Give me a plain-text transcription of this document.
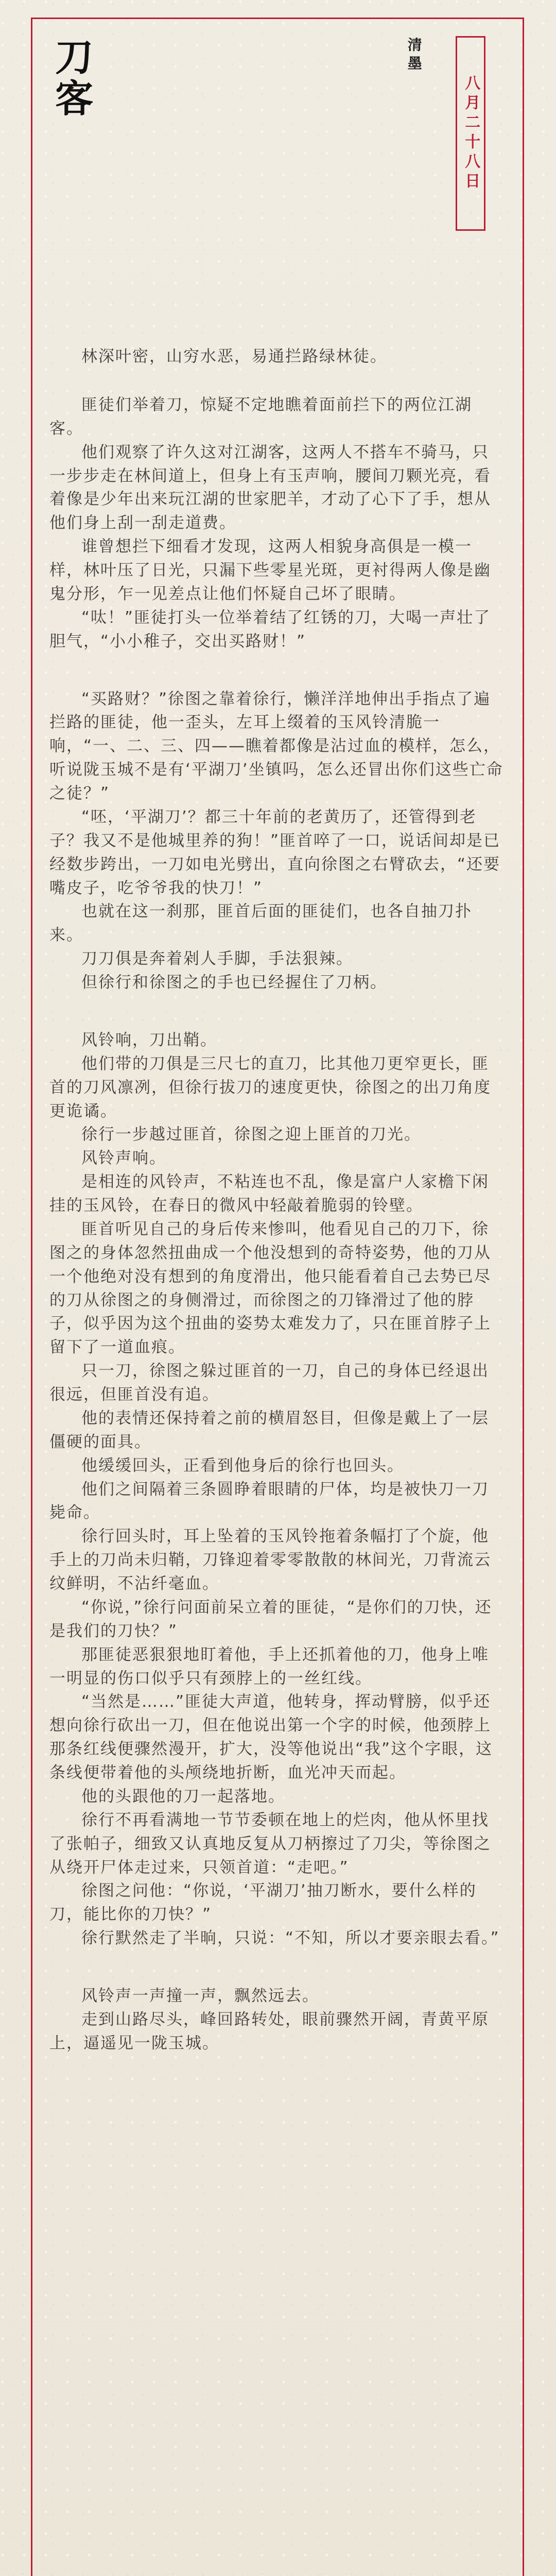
刀客	清墨
八月二十八日

林深叶密，山穷水恶，易通拦路绿林徒。

匪徒们举着刀，惊疑不定地瞧着面前拦下的两位江湖客。

他们观察了许久这对江湖客，这两人不搭车不骑马，只一步步走在林间道上，但身上有玉声响，腰间刀颗光亮，看着像是少年出来玩江湖的世家肥羊，才动了心下了手，想从他们身上刮一刮走道费。

谁曾想拦下细看才发现，这两人相貌身高俱是一模一样，林叶压了日光，只漏下些零星光斑，更衬得两人像是幽鬼分形，乍一见差点让他们怀疑自己坏了眼睛。

“呔！”匪徒打头一位举着结了红锈的刀，大喝一声壮了胆气，“小小稚子，交出买路财！”

“买路财？”徐图之靠着徐行，懒洋洋地伸出手指点了遍拦路的匪徒，他一歪头，左耳上缀着的玉风铃清脆一响，“一、二、三、四——瞧着都像是沾过血的模样，怎么，听说陇玉城不是有‘平湖刀’坐镇吗，怎么还冒出你们这些亡命之徒？”

“呸，‘平湖刀’？都三十年前的老黄历了，还管得到老子？我又不是他城里养的狗！”匪首啐了一口，说话间却是已经数步跨出，一刀如电光劈出，直向徐图之右臂砍去，“还要嘴皮子，吃爷爷我的快刀！”

也就在这一刹那，匪首后面的匪徒们，也各自抽刀扑来。

刀刀俱是奔着剁人手脚，手法狠辣。

但徐行和徐图之的手也已经握住了刀柄。

风铃响，刀出鞘。

他们带的刀俱是三尺七的直刀，比其他刀更窄更长，匪首的刀风凛冽，但徐行拔刀的速度更快，徐图之的出刀角度更诡谲。

徐行一步越过匪首，徐图之迎上匪首的刀光。

风铃声响。

是相连的风铃声，不粘连也不乱，像是富户人家檐下闲挂的玉风铃，在春日的微风中轻敲着脆弱的铃壁。

匪首听见自己的身后传来惨叫，他看见自己的刀下，徐图之的身体忽然扭曲成一个他没想到的奇特姿势，他的刀从一个他绝对没有想到的角度滑出，他只能看着自己去势已尽的刀从徐图之的身侧滑过，而徐图之的刀锋滑过了他的脖子，似乎因为这个扭曲的姿势太难发力了，只在匪首脖子上留下了一道血痕。

只一刀，徐图之躲过匪首的一刀，自己的身体已经退出很远，但匪首没有追。

他的表情还保持着之前的横眉怒目，但像是戴上了一层僵硬的面具。

他缓缓回头，正看到他身后的徐行也回头。

他们之间隔着三条圆睁着眼睛的尸体，均是被快刀一刀毙命。

徐行回头时，耳上坠着的玉风铃拖着条幅打了个旋，他手上的刀尚未归鞘，刀锋迎着零零散散的林间光，刀背流云纹鲜明，不沾纤毫血。

“你说，”徐行问面前呆立着的匪徒，“是你们的刀快，还是我们的刀快？”

那匪徒恶狠狠地盯着他，手上还抓着他的刀，他身上唯一明显的伤口似乎只有颈脖上的一丝红线。

“当然是……”匪徒大声道，他转身，挥动臂膀，似乎还想向徐行砍出一刀，但在他说出第一个字的时候，他颈脖上那条红线便骤然漫开，扩大，没等他说出“我”这个字眼，这条线便带着他的头颅绕地折断，血光冲天而起。

他的头跟他的刀一起落地。

徐行不再看满地一节节委顿在地上的烂肉，他从怀里找了张帕子，细致又认真地反复从刀柄擦过了刀尖，等徐图之从绕开尸体走过来，只领首道：“走吧。”

徐图之问他：“你说，‘平湖刀’抽刀断水，要什么样的刀，能比你的刀快？”

徐行默然走了半晌，只说：“不知，所以才要亲眼去看。”

风铃声一声撞一声，飘然远去。

走到山路尽头，峰回路转处，眼前骤然开阔，青黄平原上，逼遥见一陇玉城。
